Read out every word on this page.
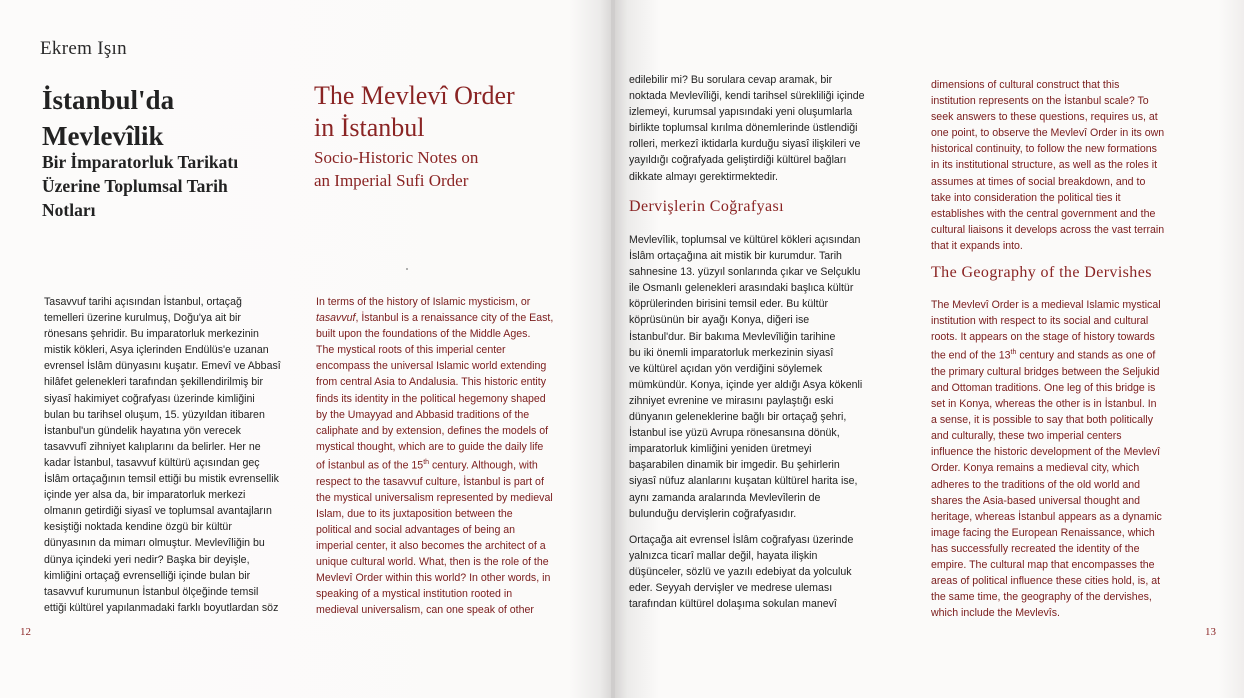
Ekrem Işın
İstanbul'da
Mevlevîlik
Bir İmparatorluk Tarikatı
Üzerine Toplumsal Tarih
Notları
The Mevlevî Order
in İstanbul
Socio-Historic Notes on
an Imperial Sufi Order

Tasavvuf tarihi açısından İstanbul, ortaçağ

temelleri üzerine kurulmuş, Doğu'ya ait bir

rönesans şehridir. Bu imparatorluk merkezinin

mistik kökleri, Asya içlerinden Endülüs'e uzanan

evrensel İslâm dünyasını kuşatır. Emevî ve Abbasî

hilâfet gelenekleri tarafından şekillendirilmiş bir

siyasî hakimiyet coğrafyası üzerinde kimliğini

bulan bu tarihsel oluşum, 15. yüzyıldan itibaren

İstanbul'un gündelik hayatına yön verecek

tasavvufî zihniyet kalıplarını da belirler. Her ne

kadar İstanbul, tasavvuf kültürü açısından geç

İslâm ortaçağının temsil ettiği bu mistik evrensellik

içinde yer alsa da, bir imparatorluk merkezi

olmanın getirdiği siyasî ve toplumsal avantajların

kesiştiği noktada kendine özgü bir kültür

dünyasının da mimarı olmuştur. Mevlevîliğin bu

dünya içindeki yeri nedir? Başka bir deyişle,

kimliğini ortaçağ evrenselliği içinde bulan bir

tasavvuf kurumunun İstanbul ölçeğinde temsil

ettiği kültürel yapılanmadaki farklı boyutlardan söz

In terms of the history of Islamic mysticism, or

tasavvuf, İstanbul is a renaissance city of the East,

built upon the foundations of the Middle Ages.

The mystical roots of this imperial center

encompass the universal Islamic world extending

from central Asia to Andalusia. This historic entity

finds its identity in the political hegemony shaped

by the Umayyad and Abbasid traditions of the

caliphate and by extension, defines the models of

mystical thought, which are to guide the daily life

of İstanbul as of the 15th century. Although, with

respect to the tasavvuf culture, İstanbul is part of

the mystical universalism represented by medieval

Islam, due to its juxtaposition between the

political and social advantages of being an

imperial center, it also becomes the architect of a

unique cultural world. What, then is the role of the

Mevlevî Order within this world? In other words, in

speaking of a mystical institution rooted in

medieval universalism, can one speak of other

12

edilebilir mi? Bu sorulara cevap aramak, bir

noktada Mevlevîliği, kendi tarihsel sürekliliği içinde

izlemeyi, kurumsal yapısındaki yeni oluşumlarla

birlikte toplumsal kırılma dönemlerinde üstlendiği

rolleri, merkezî iktidarla kurduğu siyasî ilişkileri ve

yayıldığı coğrafyada geliştirdiği kültürel bağları

dikkate almayı gerektirmektedir.

Dervişlerin Coğrafyası

Mevlevîlik, toplumsal ve kültürel kökleri açısından

İslâm ortaçağına ait mistik bir kurumdur. Tarih

sahnesine 13. yüzyıl sonlarında çıkar ve Selçuklu

ile Osmanlı gelenekleri arasındaki başlıca kültür

köprülerinden birisini temsil eder. Bu kültür

köprüsünün bir ayağı Konya, diğeri ise

İstanbul'dur. Bir bakıma Mevlevîliğin tarihine

bu iki önemli imparatorluk merkezinin siyasî

ve kültürel açıdan yön verdiğini söylemek

mümkündür. Konya, içinde yer aldığı Asya kökenli

zihniyet evrenine ve mirasını paylaştığı eski

dünyanın geleneklerine bağlı bir ortaçağ şehri,

İstanbul ise yüzü Avrupa rönesansına dönük,

imparatorluk kimliğini yeniden üretmeyi

başarabilen dinamik bir imgedir. Bu şehirlerin

siyasî nüfuz alanlarını kuşatan kültürel harita ise,

aynı zamanda aralarında Mevlevîlerin de

bulunduğu dervişlerin coğrafyasıdır.

Ortaçağa ait evrensel İslâm coğrafyası üzerinde

yalnızca ticarî mallar değil, hayata ilişkin

düşünceler, sözlü ve yazılı edebiyat da yolculuk

eder. Seyyah dervişler ve medrese uleması

tarafından kültürel dolaşıma sokulan manevî

dimensions of cultural construct that this

institution represents on the İstanbul scale? To

seek answers to these questions, requires us, at

one point, to observe the Mevlevî Order in its own

historical continuity, to follow the new formations

in its institutional structure, as well as the roles it

assumes at times of social breakdown, and to

take into consideration the political ties it

establishes with the central government and the

cultural liaisons it develops across the vast terrain

that it expands into.

The Geography of the Dervishes

The Mevlevî Order is a medieval Islamic mystical

institution with respect to its social and cultural

roots. It appears on the stage of history towards

the end of the 13th century and stands as one of

the primary cultural bridges between the Seljukid

and Ottoman traditions. One leg of this bridge is

set in Konya, whereas the other is in İstanbul. In

a sense, it is possible to say that both politically

and culturally, these two imperial centers

influence the historic development of the Mevlevî

Order. Konya remains a medieval city, which

adheres to the traditions of the old world and

shares the Asia-based universal thought and

heritage, whereas İstanbul appears as a dynamic

image facing the European Renaissance, which

has successfully recreated the identity of the

empire. The cultural map that encompasses the

areas of political influence these cities hold, is, at

the same time, the geography of the dervishes,

which include the Mevlevîs.

13
